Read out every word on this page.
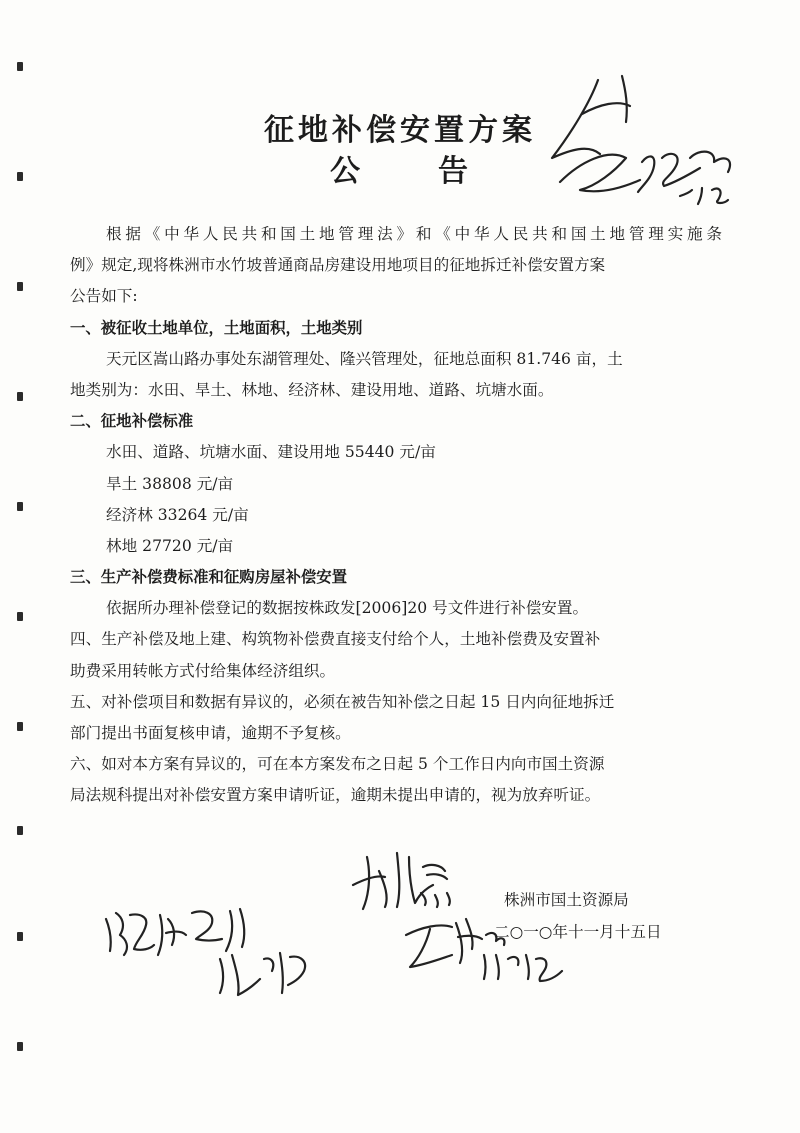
征地补偿安置方案
公	告
根据《中华人民共和国土地管理法》和《中华人民共和国土地管理实施条
例》规定,现将株洲市水竹坡普通商品房建设用地项目的征地拆迁补偿安置方案
公告如下:
一、被征收土地单位，土地面积，土地类别
天元区嵩山路办事处东湖管理处、隆兴管理处，征地总面积 81.746 亩，土
地类别为：水田、旱土、林地、经济林、建设用地、道路、坑塘水面。
二、征地补偿标准
水田、道路、坑塘水面、建设用地 55440 元/亩
旱土 38808 元/亩
经济林 33264 元/亩
林地 27720 元/亩
三、生产补偿费标准和征购房屋补偿安置
依据所办理补偿登记的数据按株政发[2006]20 号文件进行补偿安置。
四、生产补偿及地上建、构筑物补偿费直接支付给个人，土地补偿费及安置补
助费采用转帐方式付给集体经济组织。
五、对补偿项目和数据有异议的，必须在被告知补偿之日起 15 日内向征地拆迁
部门提出书面复核申请，逾期不予复核。
六、如对本方案有异议的，可在本方案发布之日起 5 个工作日内向市国土资源
局法规科提出对补偿安置方案申请听证，逾期未提出申请的，视为放弃听证。
株洲市国土资源局
二○一○年十一月十五日
